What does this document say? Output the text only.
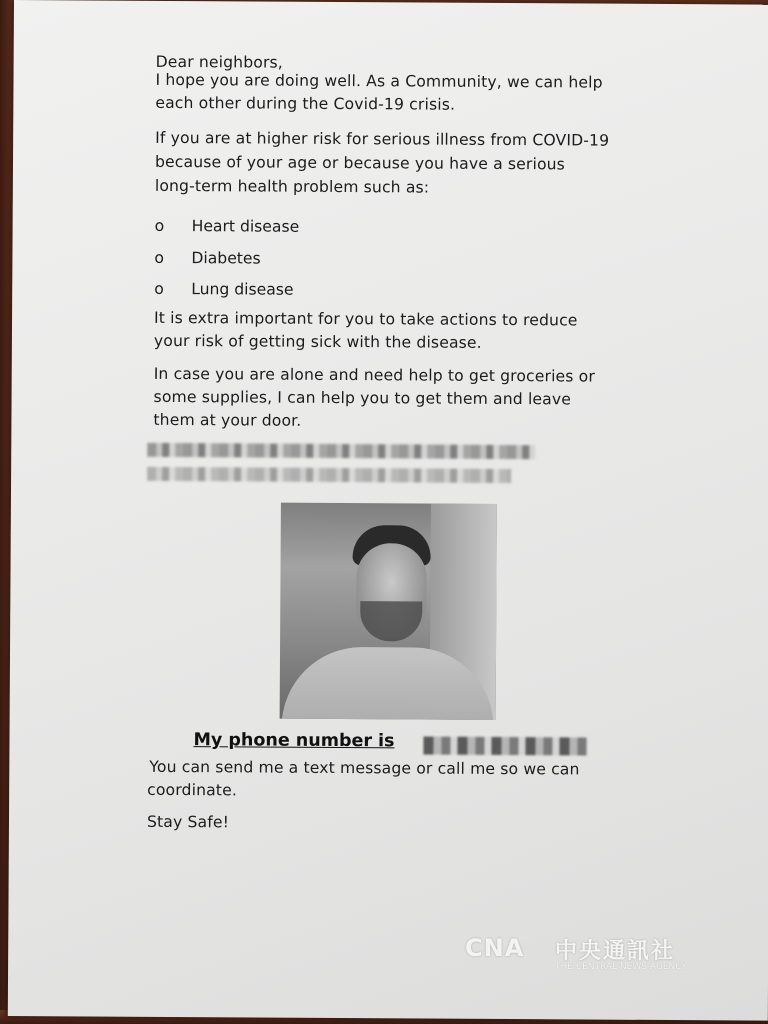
Dear neighbors,
I hope you are doing well. As a Community, we can help
each other during the Covid-19 crisis.
If you are at higher risk for serious illness from COVID-19
because of your age or because you have a serious
long-term health problem such as:
o Heart disease
o Diabetes
o Lung disease
It is extra important for you to take actions to reduce
your risk of getting sick with the disease.
In case you are alone and need help to get groceries or
some supplies, I can help you to get them and leave
them at your door.
My phone number is
You can send me a text message or call me so we can
coordinate.
Stay Safe!
CNA 中央通訊社
THE CENTRAL NEWS AGENCY
